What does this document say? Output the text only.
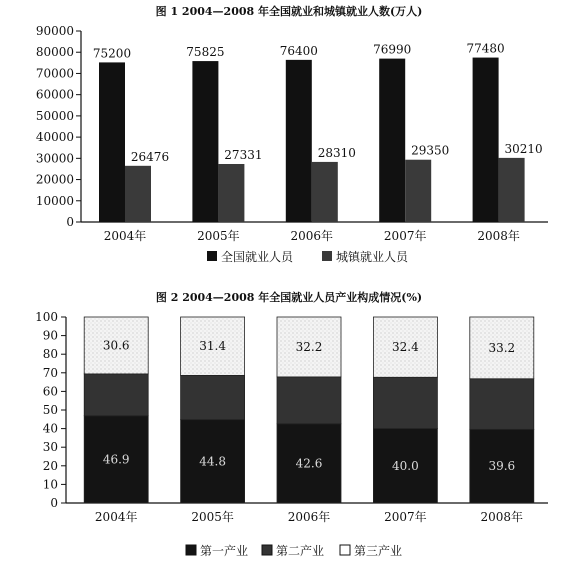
图 1 2004—2008 年全国就业和城镇就业人数(万人)
0
10000
20000
30000
40000
50000
60000
70000
80000
90000
75200
26476
75825
27331
76400
28310
76990
29350
77480
30210
2004年	2005年	2006年	2007年	2008年
全国就业人员	城镇就业人员
图 2 2004—2008 年全国就业人员产业构成情况(%)
0
10
20
30
40
50
60
70
80
90
100
46.9
30.6
44.8
31.4
42.6
32.2
40.0
32.4
39.6
33.2
2004年	2005年	2006年	2007年	2008年
第一产业 第二产业 第三产业
